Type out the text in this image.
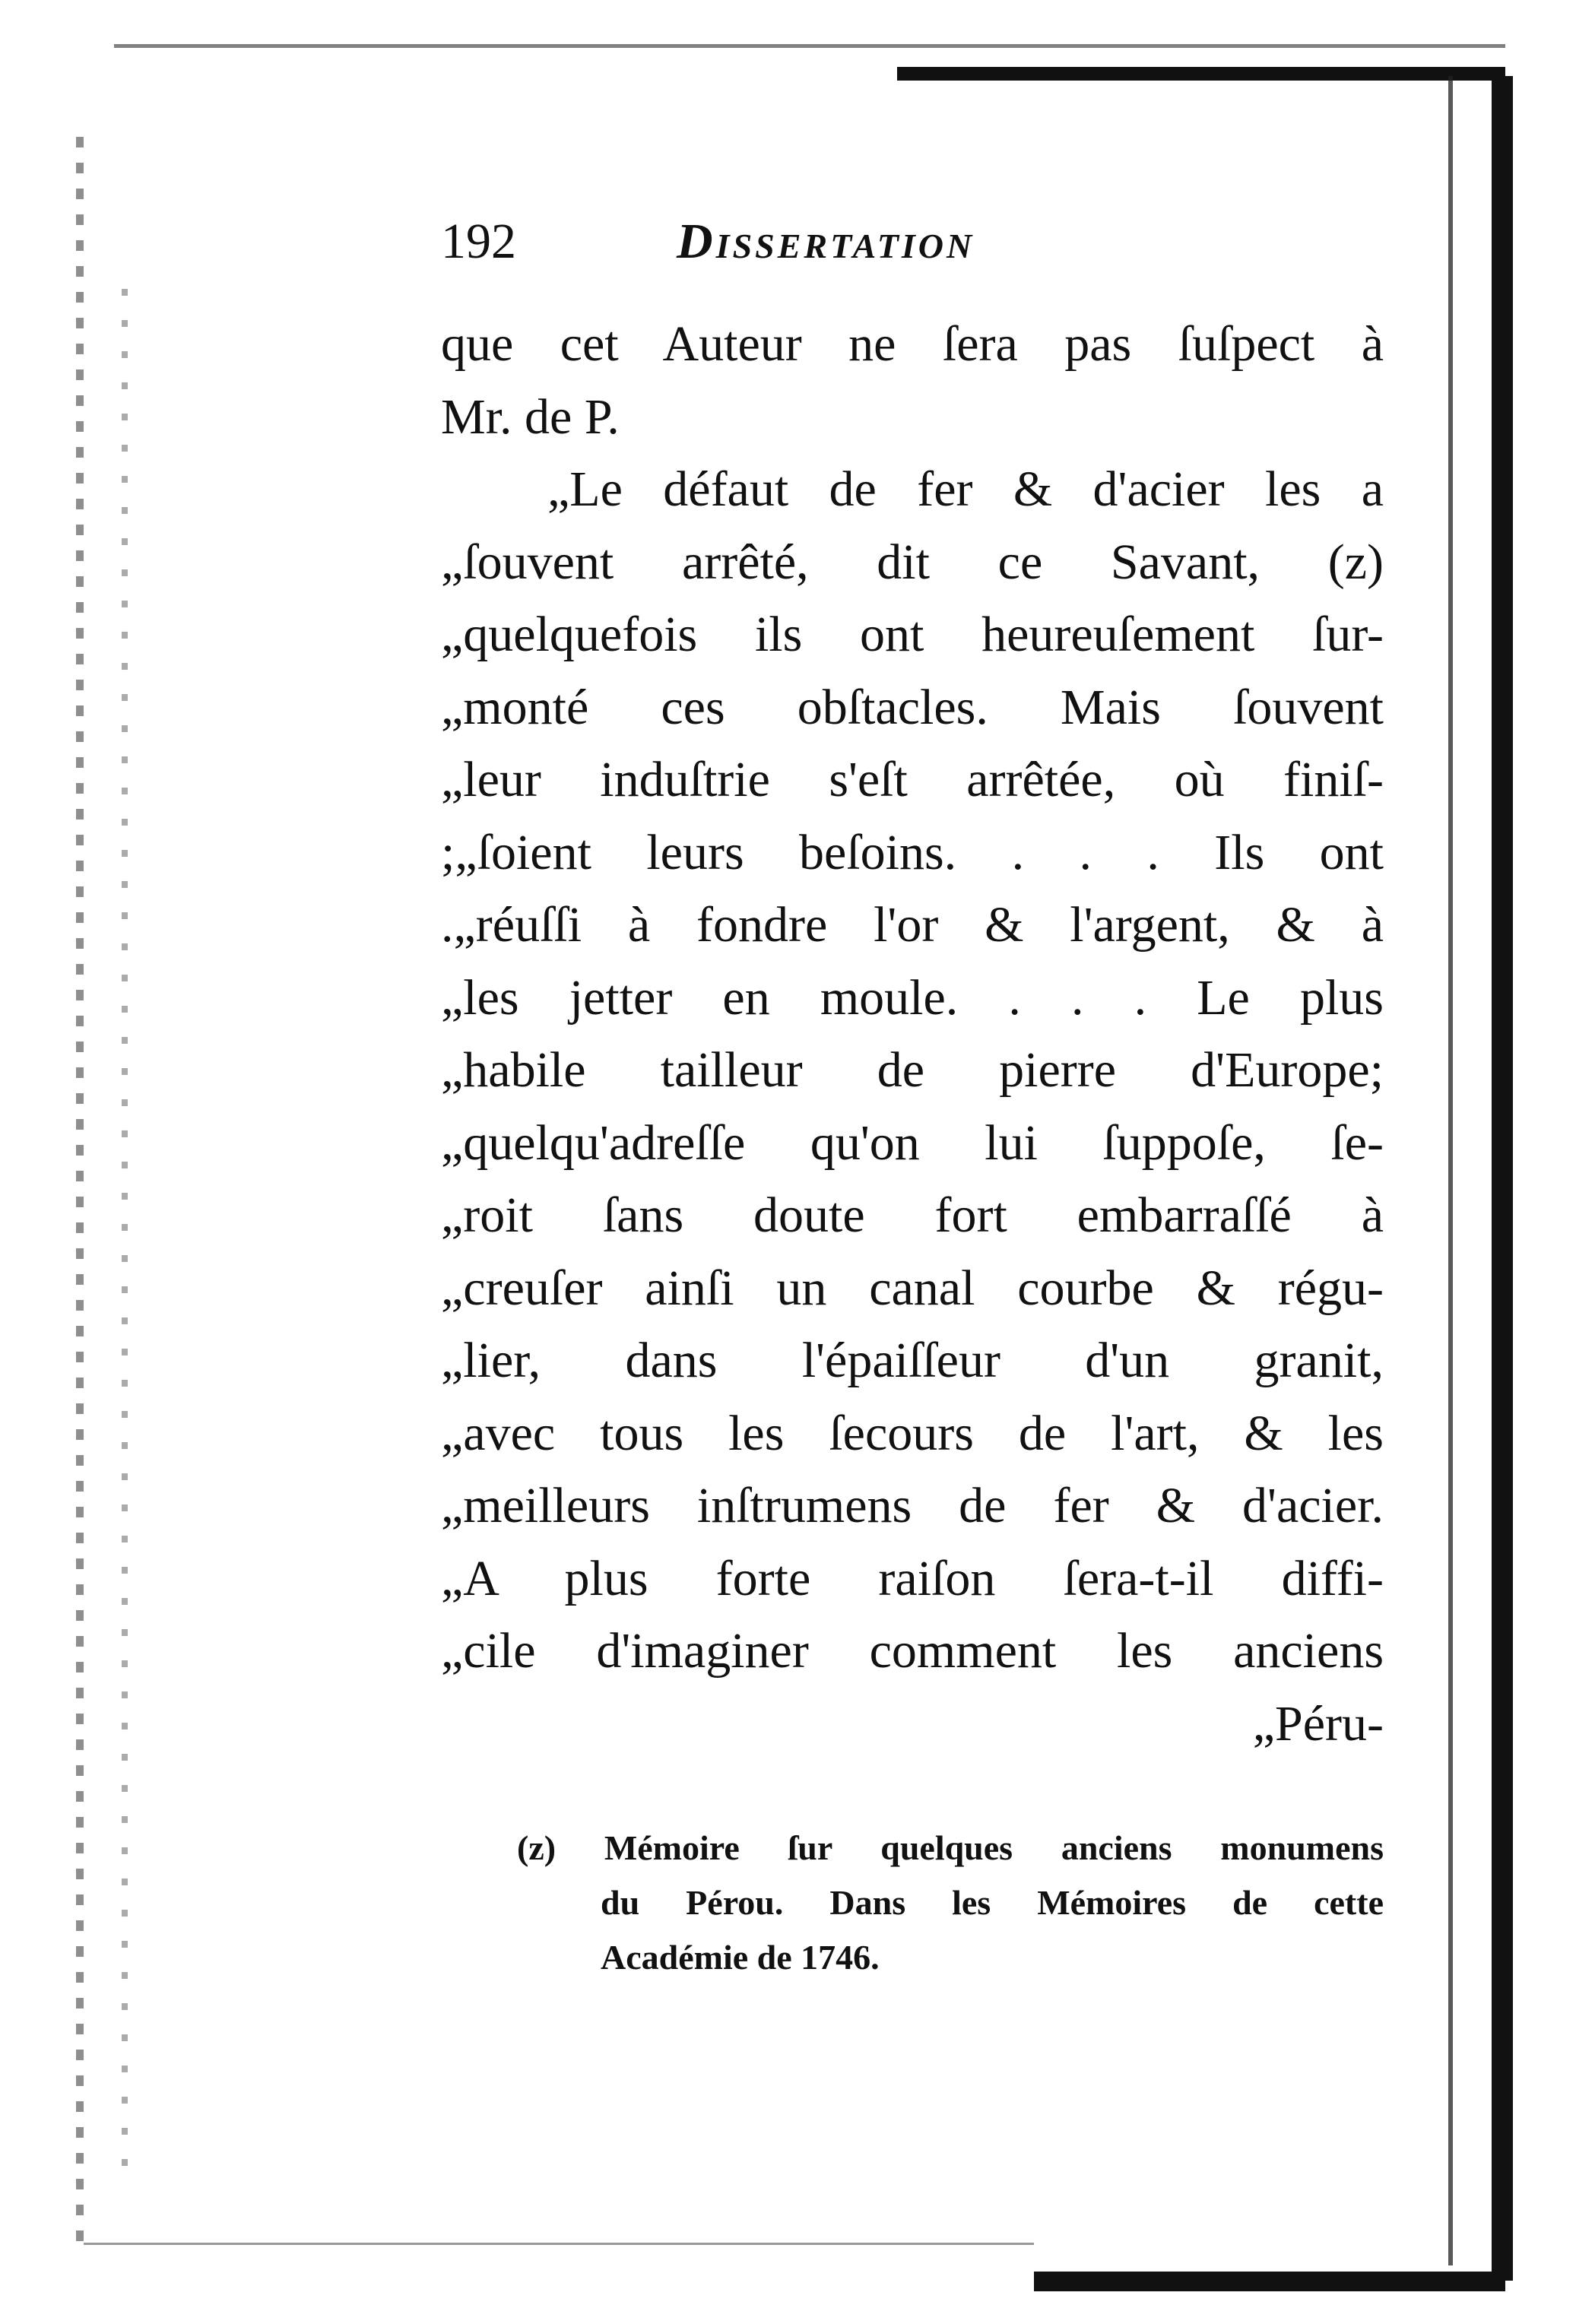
192	Dissertation
que cet Auteur ne ſera pas ſuſpect à
Mr. de P.
„Le défaut de fer & d'acier les a
„ſouvent arrêté, dit ce Savant, (z)
„quelquefois ils ont heureuſement ſur-
„monté ces obſtacles. Mais ſouvent
„leur induſtrie s'eſt arrêtée, où finiſ-
;„ſoient leurs beſoins. . . . Ils ont
.„réuſſi à fondre l'or & l'argent, & à
„les jetter en moule. . . . Le plus
„habile tailleur de pierre d'Europe;
„quelqu'adreſſe qu'on lui ſuppoſe, ſe-
„roit ſans doute fort embarraſſé à
„creuſer ainſi un canal courbe & régu-
„lier, dans l'épaiſſeur d'un granit,
„avec tous les ſecours de l'art, & les
„meilleurs inſtrumens de fer & d'acier.
„A plus forte raiſon ſera-t-il diffi-
„cile d'imaginer comment les anciens
„Péru-
(z) Mémoire ſur quelques anciens monumens
du Pérou. Dans les Mémoires de cette
Académie de 1746.
